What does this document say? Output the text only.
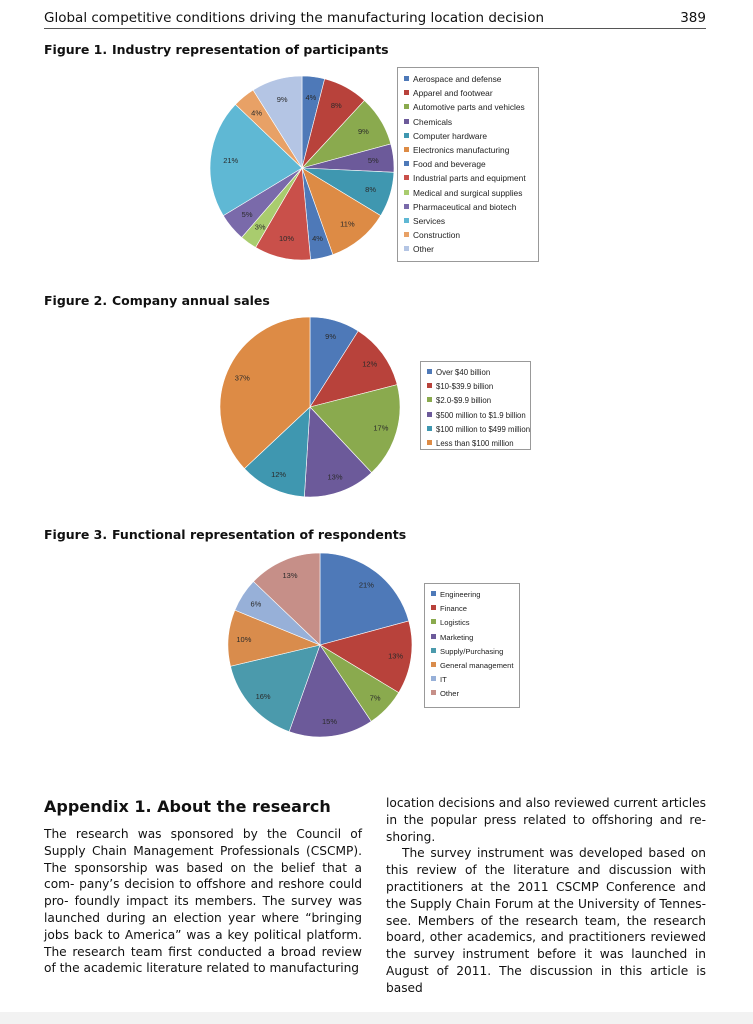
Global competitive conditions driving the manufacturing location decision	389
Figure 1. Industry representation of participants
4%
8%
9%
5%
8%
11%
4%
10%
3%
5%
21%
4%
9%
Aerospace and defense
Apparel and footwear
Automotive parts and vehicles
Chemicals
Computer hardware
Electronics manufacturing
Food and beverage
Industrial parts and equipment
Medical and surgical supplies
Pharmaceutical and biotech
Services
Construction
Other
Figure 2. Company annual sales
9%
12%
17%
13%
12%
37%
Over $40 billion
$10-$39.9 billion
$2.0-$9.9 billion
$500 million to $1.9 billion
$100 million to $499 million
Less than $100 million
Figure 3. Functional representation of respondents
21%
13%
7%
15%
16%
10%
6%
13%
Engineering
Finance
Logistics
Marketing
Supply/Purchasing
General management
IT
Other
Appendix 1. About the research

The research was sponsored by the Council of Supply Chain Management Professionals (CSCMP). The sponsorship was based on the belief that a com- pany’s decision to offshore and reshore could pro- foundly impact its members. The survey was launched during an election year where “bringing jobs back to America” was a key political platform. The research team first conducted a broad review of the academic literature related to manufacturing

location decisions and also reviewed current articles in the popular press related to offshoring and re- shoring.

The survey instrument was developed based on this review of the literature and discussion with practitioners at the 2011 CSCMP Conference and the Supply Chain Forum at the University of Tennes- see. Members of the research team, the research board, other academics, and practitioners reviewed the survey instrument before it was launched in August of 2011. The discussion in this article is based
